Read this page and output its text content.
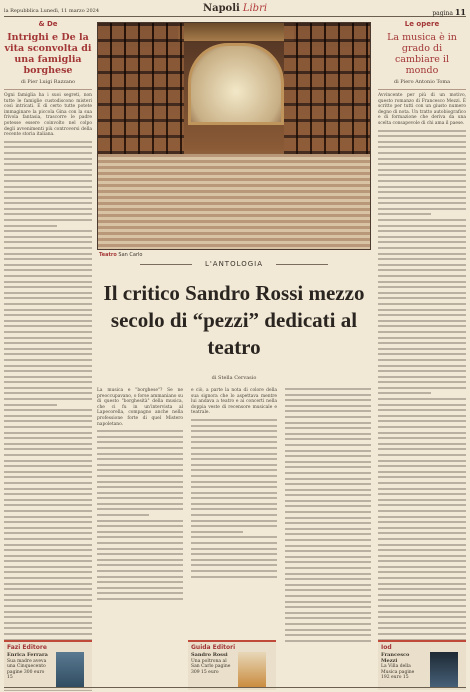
la Repubblica Lunedì, 11 marzo 2024	Napoli Libri	pagina 11
& De
Intrighi e De la vita sconvolta di una famiglia borghese
di Pier Luigi Razzano
Ogni famiglia ha i suoi segreti, non tutte le famiglie custodiscono misteri così intricati. E di certo tutte potete immaginare la piccola Gina con la sua frivola fantasia, trascorre le padre potesse essere coinvolto nel colpo degli avvenimenti più controversi della recente storia italiana.
Teatro San Carlo
L'ANTOLOGIA
Il critico Sandro Rossi mezzo secolo di “pezzi” dedicati al teatro
di Stella Cervasio
La musica e "borghese"? Se ne preoccupavano, o forse ammaniano su di questo "borghesità" della musica, che ci fu in un'intervista al Lapecorella, compagno anche nella professione forte di quel Mistero napoletano.
e ciò, a parte la nota di colore della sua signora che lo aspettava mentre lui andava a teatro e ai concerti nella doppia veste di recensore musicale e teatrale.
Le opere
La musica è in grado di cambiare il mondo
di Piero Antonio Toma
Avvincente per più di un motivo, questo romanzo di Francesco Mezzi. È scritto per tutti con un giusto numero degno di nota. Un tratto autobiografico e di formazione che deriva da una scelta consapevole di chi ama il paese.
Fazi Editore
Enrica Ferrara
Sua madre aveva una Cinquecento pagine 300 euro 15
Guida Editori
Sandro Rossi
Una poltrona al San Carlo pagine 309 15 euro
Iod
Francesco Mezzi
La Villa della Musica pagine 192 euro 15
